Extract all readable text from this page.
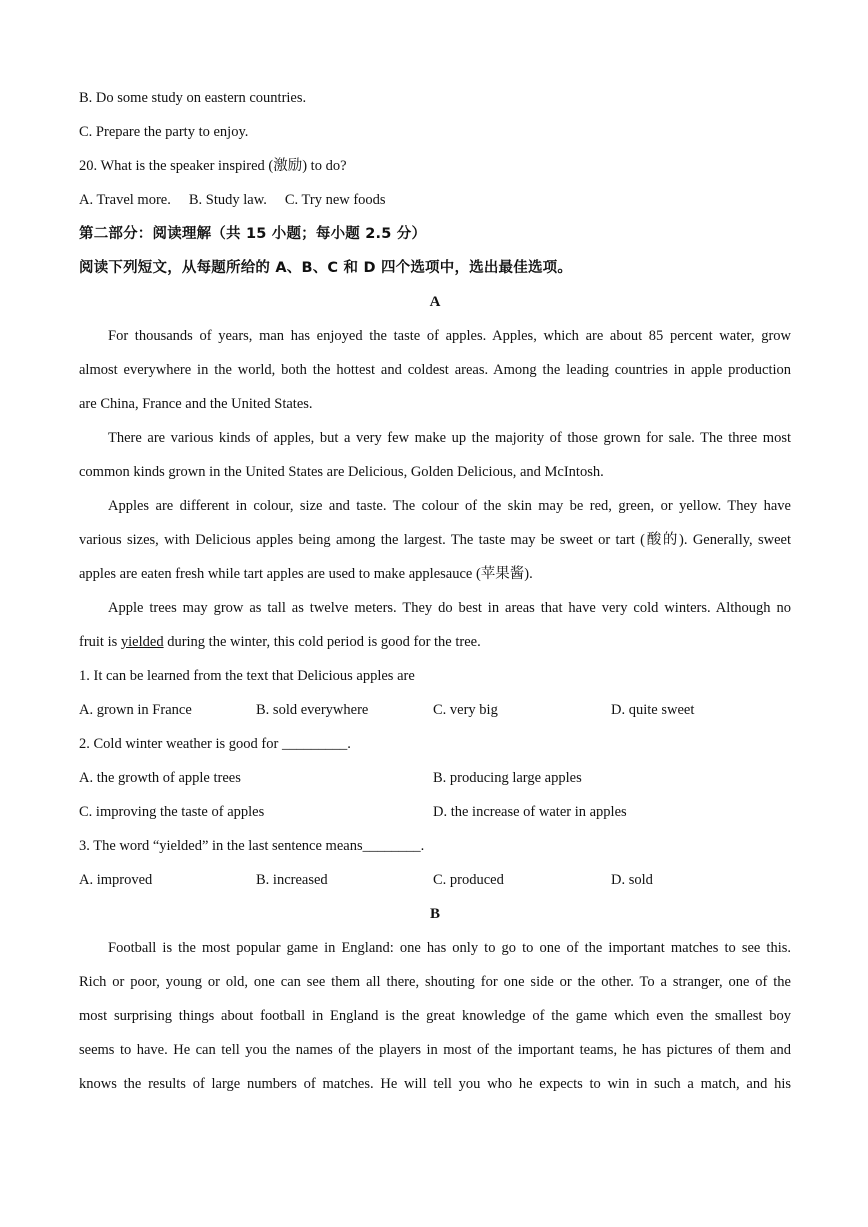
B. Do some study on eastern countries.
C. Prepare the party to enjoy.
20. What is the speaker inspired (激励) to do?
A. Travel more. B. Study law. C. Try new foods
第二部分：阅读理解（共 15 小题；每小题 2.5 分）
阅读下列短文，从每题所给的 A、B、C 和 D 四个选项中，选出最佳选项。
A
For thousands of years, man has enjoyed the taste of apples. Apples, which are about 85 percent water, grow
almost everywhere in the world, both the hottest and coldest areas. Among the leading countries in apple production
are China, France and the United States.
There are various kinds of apples, but a very few make up the majority of those grown for sale. The three most
common kinds grown in the United States are Delicious, Golden Delicious, and McIntosh.
Apples are different in colour, size and taste. The colour of the skin may be red, green, or yellow. They have
various sizes, with Delicious apples being among the largest. The taste may be sweet or tart (酸的). Generally, sweet
apples are eaten fresh while tart apples are used to make applesauce (苹果酱).
Apple trees may grow as tall as twelve meters. They do best in areas that have very cold winters. Although no
fruit is yielded during the winter, this cold period is good for the tree.
1. It can be learned from the text that Delicious apples are
A. grown in France	B. sold everywhere	C. very big	D. quite sweet
2. Cold winter weather is good for _________.
A. the growth of apple trees	B. producing large apples
C. improving the taste of apples	D. the increase of water in apples
3. The word “yielded” in the last sentence means________.
A. improved	B. increased	C. produced	D. sold
B
Football is the most popular game in England: one has only to go to one of the important matches to see this.
Rich or poor, young or old, one can see them all there, shouting for one side or the other. To a stranger, one of the
most surprising things about football in England is the great knowledge of the game which even the smallest boy
seems to have. He can tell you the names of the players in most of the important teams, he has pictures of them and
knows the results of large numbers of matches. He will tell you who he expects to win in such a match, and his
